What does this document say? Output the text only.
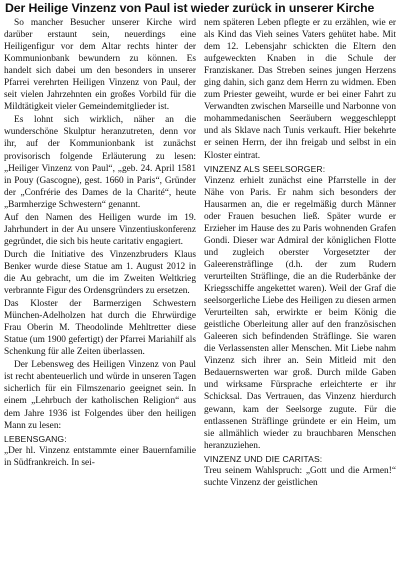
Der Heilige Vinzenz von Paul ist wieder zurück in unserer Kirche

So mancher Besucher unserer Kirche wird darüber erstaunt sein, neuerdings eine Heiligenfigur vor dem Altar rechts hinter der Kommunionbank bewundern zu können. Es handelt sich dabei um den besonders in unserer Pfarrei verehrten Heiligen Vinzenz von Paul, der seit vielen Jahrzehnten ein großes Vorbild für die Mildtätigkeit vieler Gemeindemitglieder ist.

Es lohnt sich wirklich, näher an die wunderschöne Skulptur heranzutreten, denn vor ihr, auf der Kommunionbank ist zunächst provisorisch folgende Erläuterung zu lesen: „Heiliger Vinzenz von Paul“, „geb. 24. April 1581 in Pouy (Gascogne), gest. 1660 in Paris“, Gründer der „Confrérie des Dames de la Charité“, heute „Barmherzige Schwestern“ genannt.

Auf den Namen des Heiligen wurde im 19. Jahrhundert in der Au unsere Vinzentiuskonferenz gegründet, die sich bis heute caritativ engagiert.

Durch die Initiative des Vinzenzbruders Klaus Benker wurde diese Statue am 1. August 2012 in die Au gebracht, um die im Zweiten Weltkrieg verbrannte Figur des Ordensgründers zu ersetzen.

Das Kloster der Barmerzigen Schwestern München-Adelholzen hat durch die Ehrwürdige Frau Oberin M. Theodolinde Mehltretter diese Statue (um 1900 gefertigt) der Pfarrei Mariahilf als Schenkung für alle Zeiten überlassen.

Der Lebensweg des Heiligen Vinzenz von Paul ist recht abenteuerlich und würde in unseren Tagen sicherlich für ein Filmszenario geeignet sein. In einem „Lehrbuch der katholischen Religion“ aus dem Jahre 1936 ist Folgendes über den heiligen Mann zu lesen:

LEBENSGANG:

„Der hl. Vinzenz entstammte einer Bauernfamilie in Südfrankreich. In sei-

nem späteren Leben pflegte er zu erzählen, wie er als Kind das Vieh seines Vaters gehütet habe. Mit dem 12. Lebensjahr schickten die Eltern den aufgeweckten Knaben in die Schule der Franziskaner. Das Streben seines jungen Herzens ging dahin, sich ganz dem Herrn zu widmen. Eben zum Priester geweiht, wurde er bei einer Fahrt zu Verwandten zwischen Marseille und Narbonne von mohammedanischen Seeräubern weggeschleppt und als Sklave nach Tunis verkauft. Hier bekehrte er seinen Herrn, der ihn freigab und selbst in ein Kloster eintrat.

VINZENZ ALS SEELSORGER:

Vinzenz erhielt zunächst eine Pfarrstelle in der Nähe von Paris. Er nahm sich besonders der Hausarmen an, die er regelmäßig durch Männer oder Frauen besuchen ließ. Später wurde er Erzieher im Hause des zu Paris wohnenden Grafen Gondi. Dieser war Admiral der königlichen Flotte und zugleich oberster Vorgesetzter der Galeerensträflinge (d.h. der zum Rudern verurteilten Sträflinge, die an die Ruderbänke der Kriegsschiffe angekettet waren). Weil der Graf die seelsorgerliche Liebe des Heiligen zu diesen armen Verurteilten sah, erwirkte er beim König die geistliche Oberleitung aller auf den französischen Galeeren sich befindenden Sträflinge. Sie waren die Verlassensten aller Menschen. Mit Liebe nahm Vinzenz sich ihrer an. Sein Mitleid mit den Bedauernswerten war groß. Durch milde Gaben und wirksame Fürsprache erleichterte er ihr Schicksal. Das Vertrauen, das Vinzenz hierdurch gewann, kam der Seelsorge zugute. Für die entlassenen Sträflinge gründete er ein Heim, um sie allmählich wieder zu brauchbaren Menschen heranzuziehen.

VINZENZ UND DIE CARITAS:

Treu seinem Wahlspruch: „Gott und die Armen!“ suchte Vinzenz der geistlichen
